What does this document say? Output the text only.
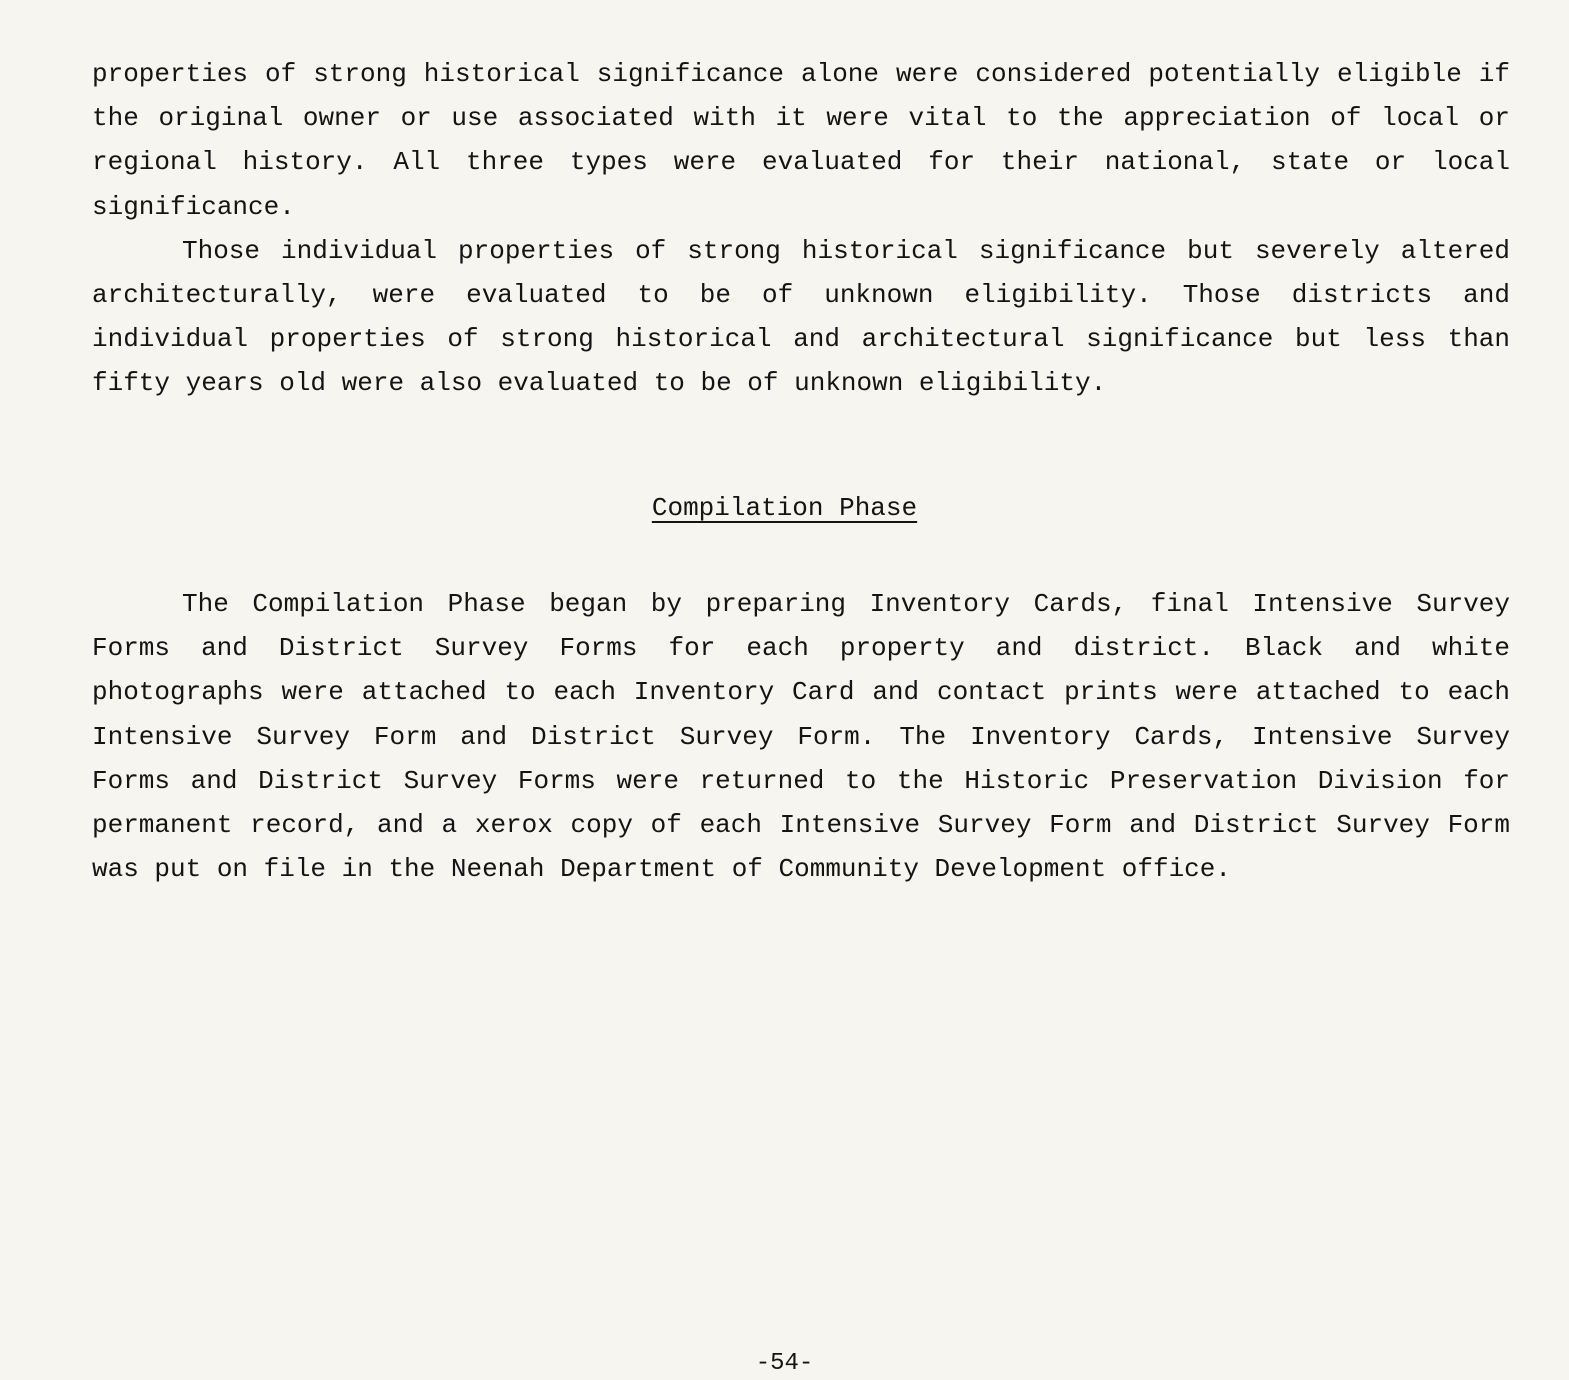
properties of strong historical significance alone were considered potentially eligible if the original owner or use associated with it were vital to the appreciation of local or regional history. All three types were evaluated for their national, state or local significance.

Those individual properties of strong historical significance but severely altered architecturally, were evaluated to be of unknown eligibility. Those districts and individual properties of strong historical and architectural significance but less than fifty years old were also evaluated to be of unknown eligibility.

Compilation Phase

The Compilation Phase began by preparing Inventory Cards, final Intensive Survey Forms and District Survey Forms for each property and district. Black and white photographs were attached to each Inventory Card and contact prints were attached to each Intensive Survey Form and District Survey Form. The Inventory Cards, Intensive Survey Forms and District Survey Forms were returned to the Historic Preservation Division for permanent record, and a xerox copy of each Intensive Survey Form and District Survey Form was put on file in the Neenah Department of Community Development office.

-54-
